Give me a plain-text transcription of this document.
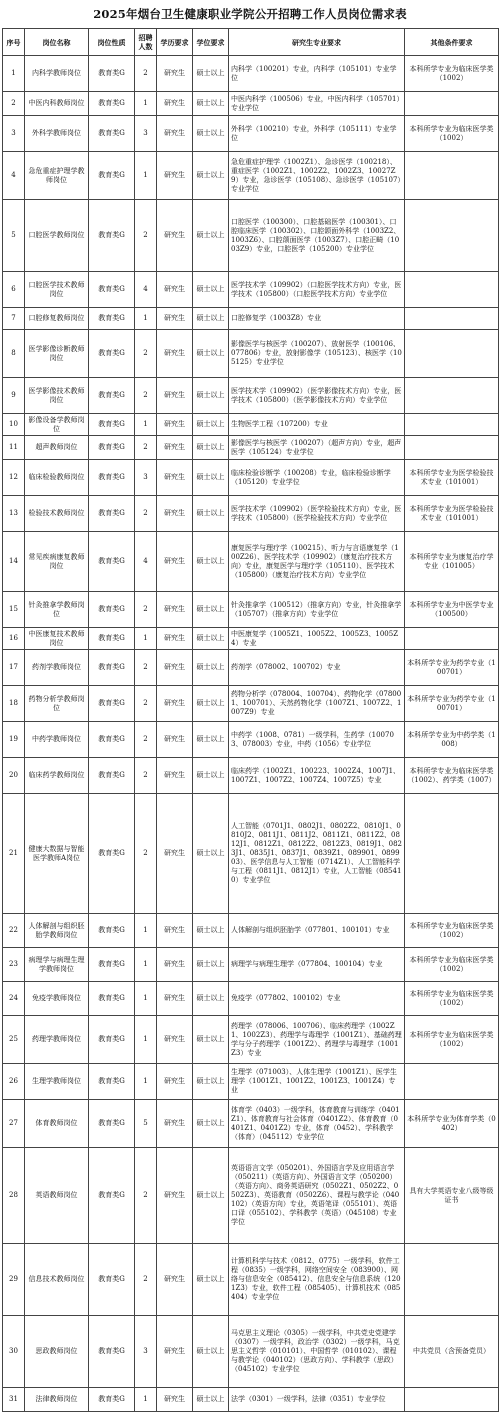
2025年烟台卫生健康职业学院公开招聘工作人员岗位需求表
序号	岗位名称	岗位性质	招聘人数	学历要求	学位要求	研究生专业要求	其他条件要求
1	内科学教师岗位	教育类G	2	研究生	硕士以上	内科学（100201）专业，内科学（105101）专业学位	本科所学专业为临床医学类（1002）
2	中医内科教师岗位	教育类G	1	研究生	硕士以上	中医内科学（100506）专业，中医内科学（105701）专业学位	
3	外科学教师岗位	教育类G	3	研究生	硕士以上	外科学（100210）专业，外科学（105111）专业学位	本科所学专业为临床医学类（1002）
4	急危重症护理学教师岗位	教育类G	1	研究生	硕士以上	急危重症护理学（1002Z1）、急诊医学（100218）、重症医学（1002Z1、1002Z2、1002Z3、10027Z9）专业，急诊医学（105108）、急诊医学（105107）专业学位	
5	口腔医学教师岗位	教育类G	2	研究生	硕士以上	口腔医学（100300）、口腔基础医学（100301）、口腔临床医学（100302）、口腔颌面外科学（1003Z2、1003Z6）、口腔颌面医学（1003Z7）、口腔正畸（1003Z9）专业，口腔医学（105200）专业学位	
6	口腔医学技术教师岗位	教育类G	4	研究生	硕士以上	医学技术学（109902）（口腔医学技术方向）专业，医学技术（105800）（口腔医学技术方向）专业学位	
7	口腔修复教师岗位	教育类G	1	研究生	硕士以上	口腔修复学（1003Z8）专业	
8	医学影像诊断教师岗位	教育类G	2	研究生	硕士以上	影像医学与核医学（100207）、放射医学（100106、077806）专业，放射影像学（105123）、核医学（105125）专业学位	
9	医学影像技术教师岗位	教育类G	2	研究生	硕士以上	医学技术学（109902）（医学影像技术方向）专业，医学技术（105800）（医学影像技术方向）专业学位	
10	影像设备学教师岗位	教育类G	1	研究生	硕士以上	生物医学工程（107200）专业	
11	超声教师岗位	教育类G	2	研究生	硕士以上	影像医学与核医学（100207）（超声方向）专业，超声医学（105124）专业学位	
12	临床检验教师岗位	教育类G	3	研究生	硕士以上	临床检验诊断学（100208）专业，临床检验诊断学（105120）专业学位	本科所学专业为医学检验技术专业（101001）
13	检验技术教师岗位	教育类G	2	研究生	硕士以上	医学技术学（109902）（医学检验技术方向）专业，医学技术（105800）（医学检验技术方向）专业学位	本科所学专业为医学检验技术专业（101001）
14	常见疾病康复教师岗位	教育类G	4	研究生	硕士以上	康复医学与理疗学（100215）、听力与言语康复学（100Z26）、医学技术学（109902）（康复治疗技术方向）专业，康复医学与理疗学（105110）、医学技术（105800）（康复治疗技术方向）专业学位	本科所学专业为康复治疗学专业（101005）
15	针灸推拿学教师岗位	教育类G	2	研究生	硕士以上	针灸推拿学（100512）（推拿方向）专业，针灸推拿学（105707）（推拿方向）专业学位	本科所学专业为中医学专业（100500）
16	中医康复技术教师岗位	教育类G	1	研究生	硕士以上	中医康复学（1005Z1、1005Z2、1005Z3、1005Z4）专业	
17	药剂学教师岗位	教育类G	2	研究生	硕士以上	药剂学（078002、100702）专业	本科所学专业为药学专业（100701）
18	药物分析学教师岗位	教育类G	2	研究生	硕士以上	药物分析学（078004、100704）、药物化学（078001、100701）、天然药物化学（1007Z1、1007Z2、1007Z9）专业	本科所学专业为药学专业（100701）
19	中药学教师岗位	教育类G	2	研究生	硕士以上	中药学（1008、0781）一级学科，生药学（100703、078003）专业，中药（1056）专业学位	本科所学专业为中药学类（1008）
20	临床药学教师岗位	教育类G	2	研究生	硕士以上	临床药学（1002Z1、100223、1002Z4、1007J1、1007Z1、1007Z2、1007Z4、1007Z5）专业	本科所学专业为临床医学类（1002）、药学类（1007）
21	健康大数据与智能医学教师A岗位	教育类G	2	研究生	硕士以上	人工智能（0701J1、0802J1、0802Z2、0810J1、0810J2、0811J1、0811J2、0811Z1、0811Z2、0812J1、0812Z1、0812Z2、0812Z3、0819J1、0823J1、0835J1、0837J1、0839Z1、089901、089903）、医学信息与人工智能（0714Z1）、人工智能科学与工程（0811J1、0812J1）专业，人工智能（085410）专业学位	
22	人体解剖与组织胚胎学教师岗位	教育类G	1	研究生	硕士以上	人体解剖与组织胚胎学（077801、100101）专业	本科所学专业为临床医学类（1002）
23	病理学与病理生理学教师岗位	教育类G	1	研究生	硕士以上	病理学与病理生理学（077804、100104）专业	本科所学专业为临床医学类（1002）
24	免疫学教师岗位	教育类G	1	研究生	硕士以上	免疫学（077802、100102）专业	本科所学专业为临床医学类（1002）
25	药理学教师岗位	教育类G	1	研究生	硕士以上	药理学（078006、100706）、临床药理学（1002Z1、1002Z3）、药理学与毒理学（1001Z1）、基础药理学与分子药理学（1001Z2）、药理学与毒理学（1001Z3）专业	本科所学专业为临床医学类（1002）
26	生理学教师岗位	教育类G	1	研究生	硕士以上	生理学（071003）、人体生理学（1001Z1）、医学生理学（1001Z1、1001Z2、1001Z3、1001Z4）专业	
27	体育教师岗位	教育类G	5	研究生	硕士以上	体育学（0403）一级学科，体育教育与训练学（0401Z1）、体育教育与社会体育（0401Z2）、体育教育（0401Z1、0401Z2）专业，体育（0452）、学科教学（体育）（045112）专业学位	本科所学专业为体育学类（0402）
28	英语教师岗位	教育类G	2	研究生	硕士以上	英语语言文学（050201）、外国语言学及应用语言学（050211）（英语方向）、外国语言文学（050200）（英语方向）、商务英语研究（0502Z1、0502Z2、0502Z3）、英语教育（0502Z6）、课程与教学论（040102）（英语方向）专业，英语笔译（055101）、英语口译（055102）、学科教学（英语）（045108）专业学位	具有大学英语专业八级等级证书
29	信息技术教师岗位	教育类G	2	研究生	硕士以上	计算机科学与技术（0812、0775）一级学科，软件工程（0835）一级学科，网络空间安全（083900）、网络与信息安全（085412）、信息安全与信息系统（1201Z3）专业，软件工程（085405）、计算机技术（085404）专业学位	
30	思政教师岗位	教育类G	3	研究生	硕士以上	马克思主义理论（0305）一级学科，中共党史党建学（0307）一级学科，政治学（0302）一级学科，马克思主义哲学（010101）、中国哲学（010102）、课程与教学论（040102）（思政方向）、学科教学（思政）（045102）专业学位	中共党员（含预备党员）
31	法律教师岗位	教育类G	1	研究生	硕士以上	法学（0301）一级学科，法律（0351）专业学位	
